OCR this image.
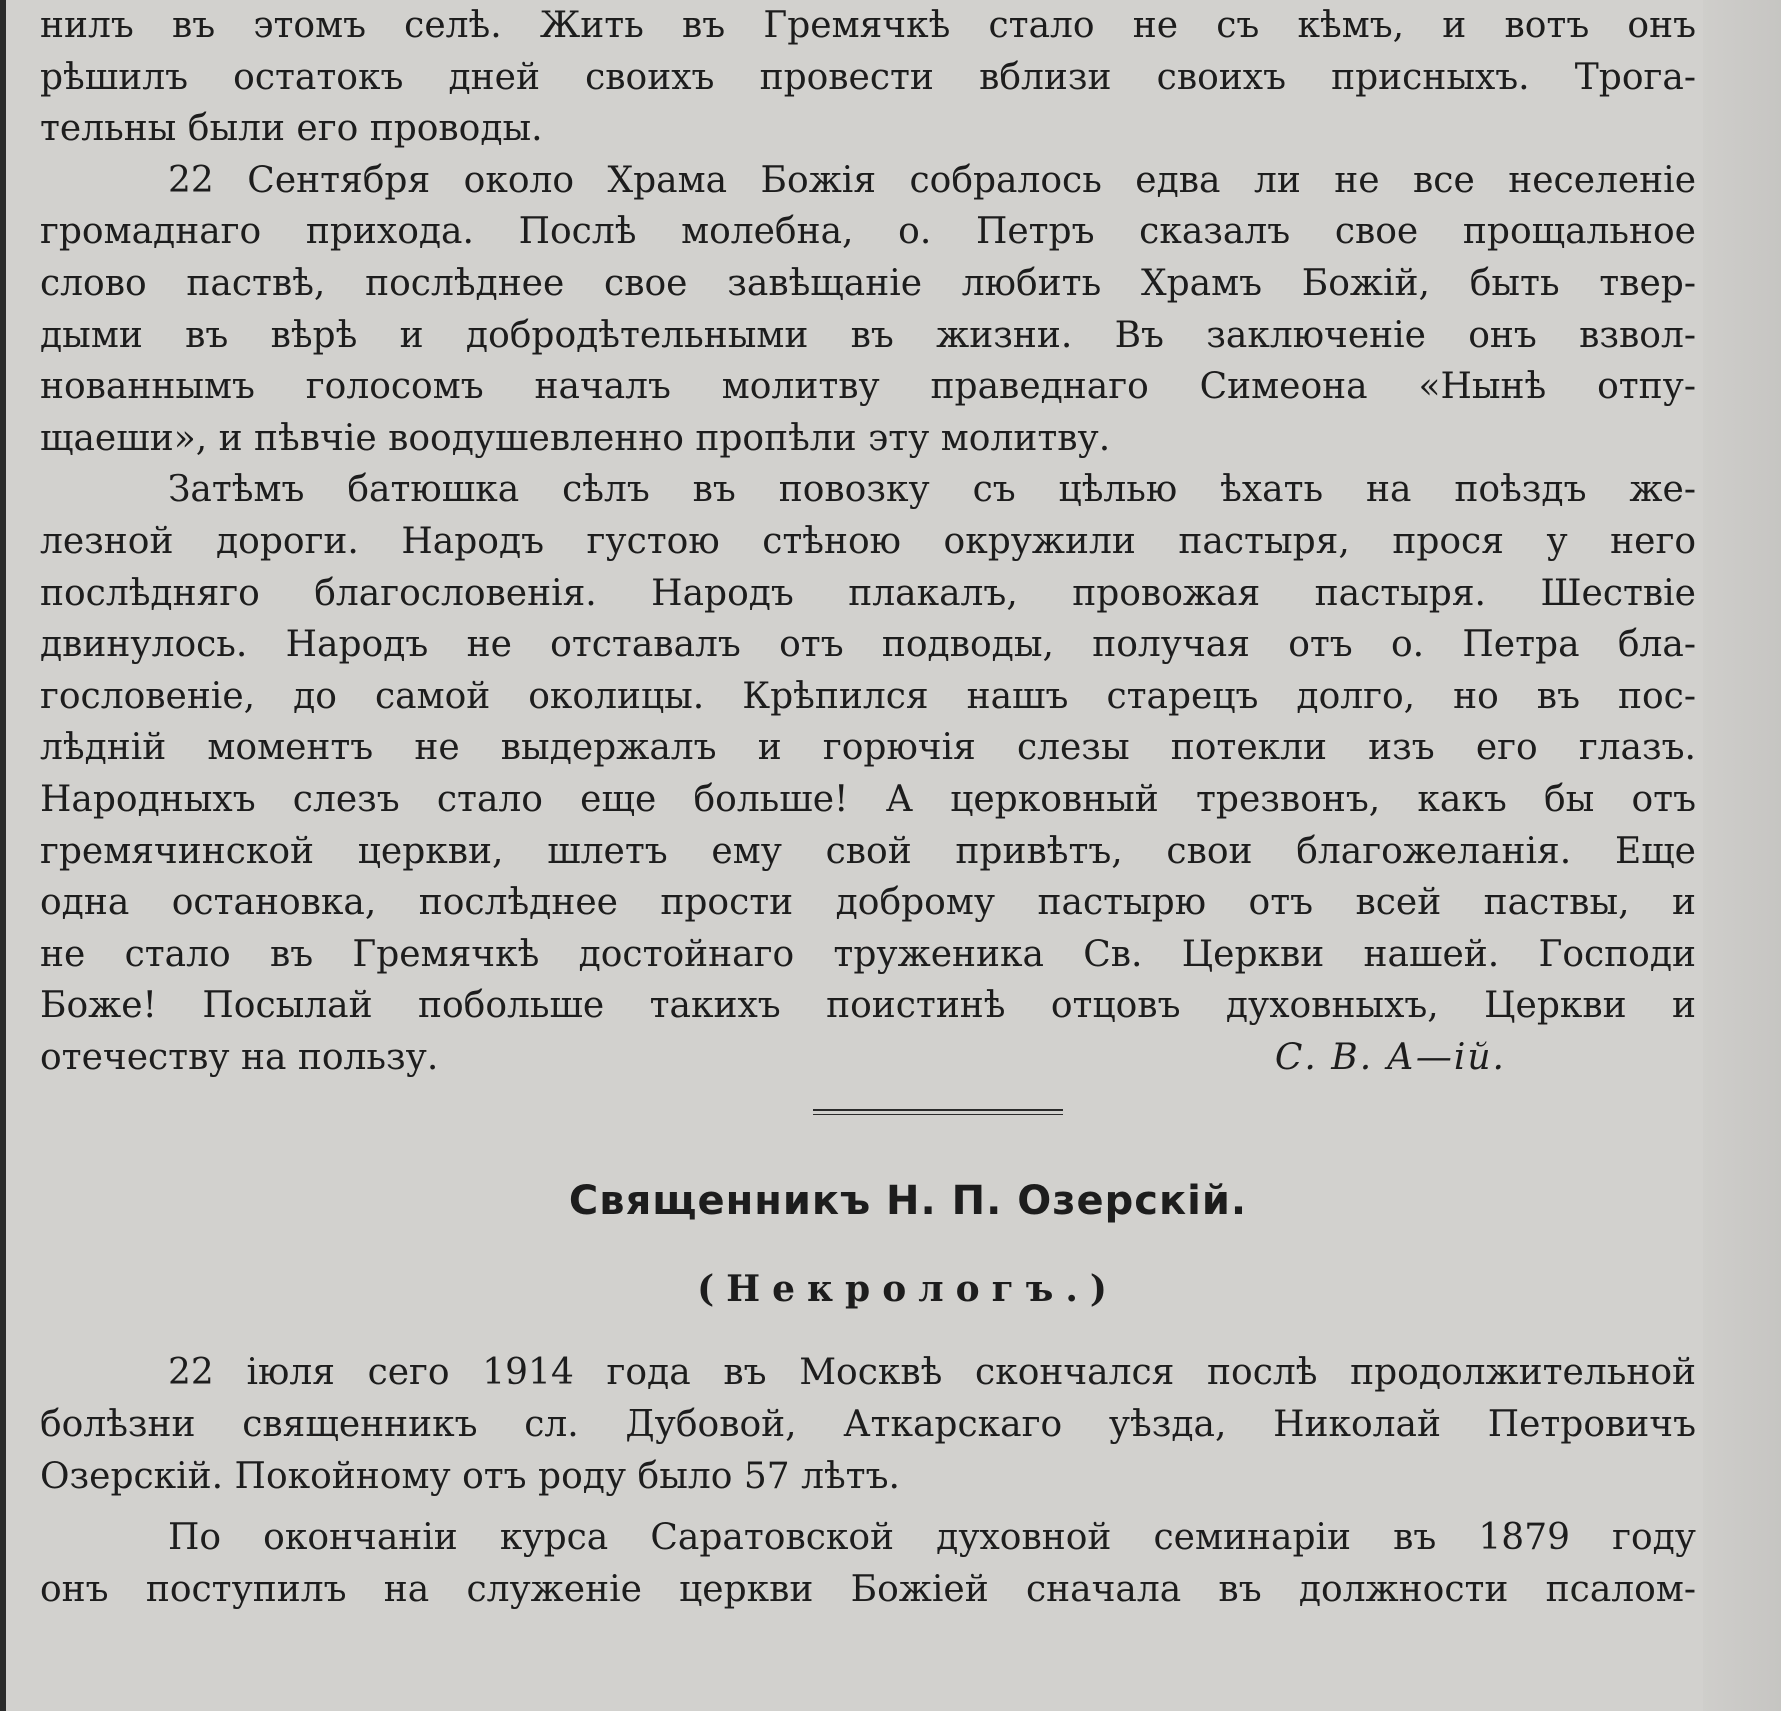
нилъ въ этомъ селѣ. Жить въ Гремячкѣ стало не съ кѣмъ, и вотъ онъ

рѣшилъ остатокъ дней своихъ провести вблизи своихъ присныхъ. Трога-

тельны были его проводы.

22 Сентября около Храма Божія собралось едва ли не все неселенiе

громаднаго прихода. Послѣ молебна, о. Петръ сказалъ свое прощальное

слово паствѣ, послѣднее свое завѣщанiе любить Храмъ Божiй, быть твер-

дыми въ вѣрѣ и добродѣтельными въ жизни. Въ заключенiе онъ взвол-

нованнымъ голосомъ началъ молитву праведнаго Симеона «Нынѣ отпу-

щаеши», и пѣвчiе воодушевленно пропѣли эту молитву.

Затѣмъ батюшка сѣлъ въ повозку съ цѣлью ѣхать на поѣздъ же-

лезной дороги. Народъ густою стѣною окружили пастыря, прося у него

послѣдняго благословенiя. Народъ плакалъ, провожая пастыря. Шествiе

двинулось. Народъ не отставалъ отъ подводы, получая отъ о. Петра бла-

гословенiе, до самой околицы. Крѣпился нашъ старецъ долго, но въ пос-

лѣднiй моментъ не выдержалъ и горючiя слезы потекли изъ его глазъ.

Народныхъ слезъ стало еще больше! А церковный трезвонъ, какъ бы отъ

гремячинской церкви, шлетъ ему свой привѣтъ, свои благожеланiя. Еще

одна остановка, послѣднее прости доброму пастырю отъ всей паствы, и

не стало въ Гремячкѣ достойнаго труженика Св. Церкви нашей. Господи

Боже! Посылай побольше такихъ поистинѣ отцовъ духовныхъ, Церкви и

отечеству на пользу.	С. В. А—iй.
Священникъ Н. П. Озерскiй.
(Некрологъ.)

22 iюля сего 1914 года въ Москвѣ скончался послѣ продолжительной

болѣзни священникъ сл. Дубовой, Аткарскаго уѣзда, Николай Петровичъ

Озерскiй. Покойному отъ роду было 57 лѣтъ.

По окончанiи курса Саратовской духовной семинарiи въ 1879 году

онъ поступилъ на служенiе церкви Божiей сначала въ должности псалом-
